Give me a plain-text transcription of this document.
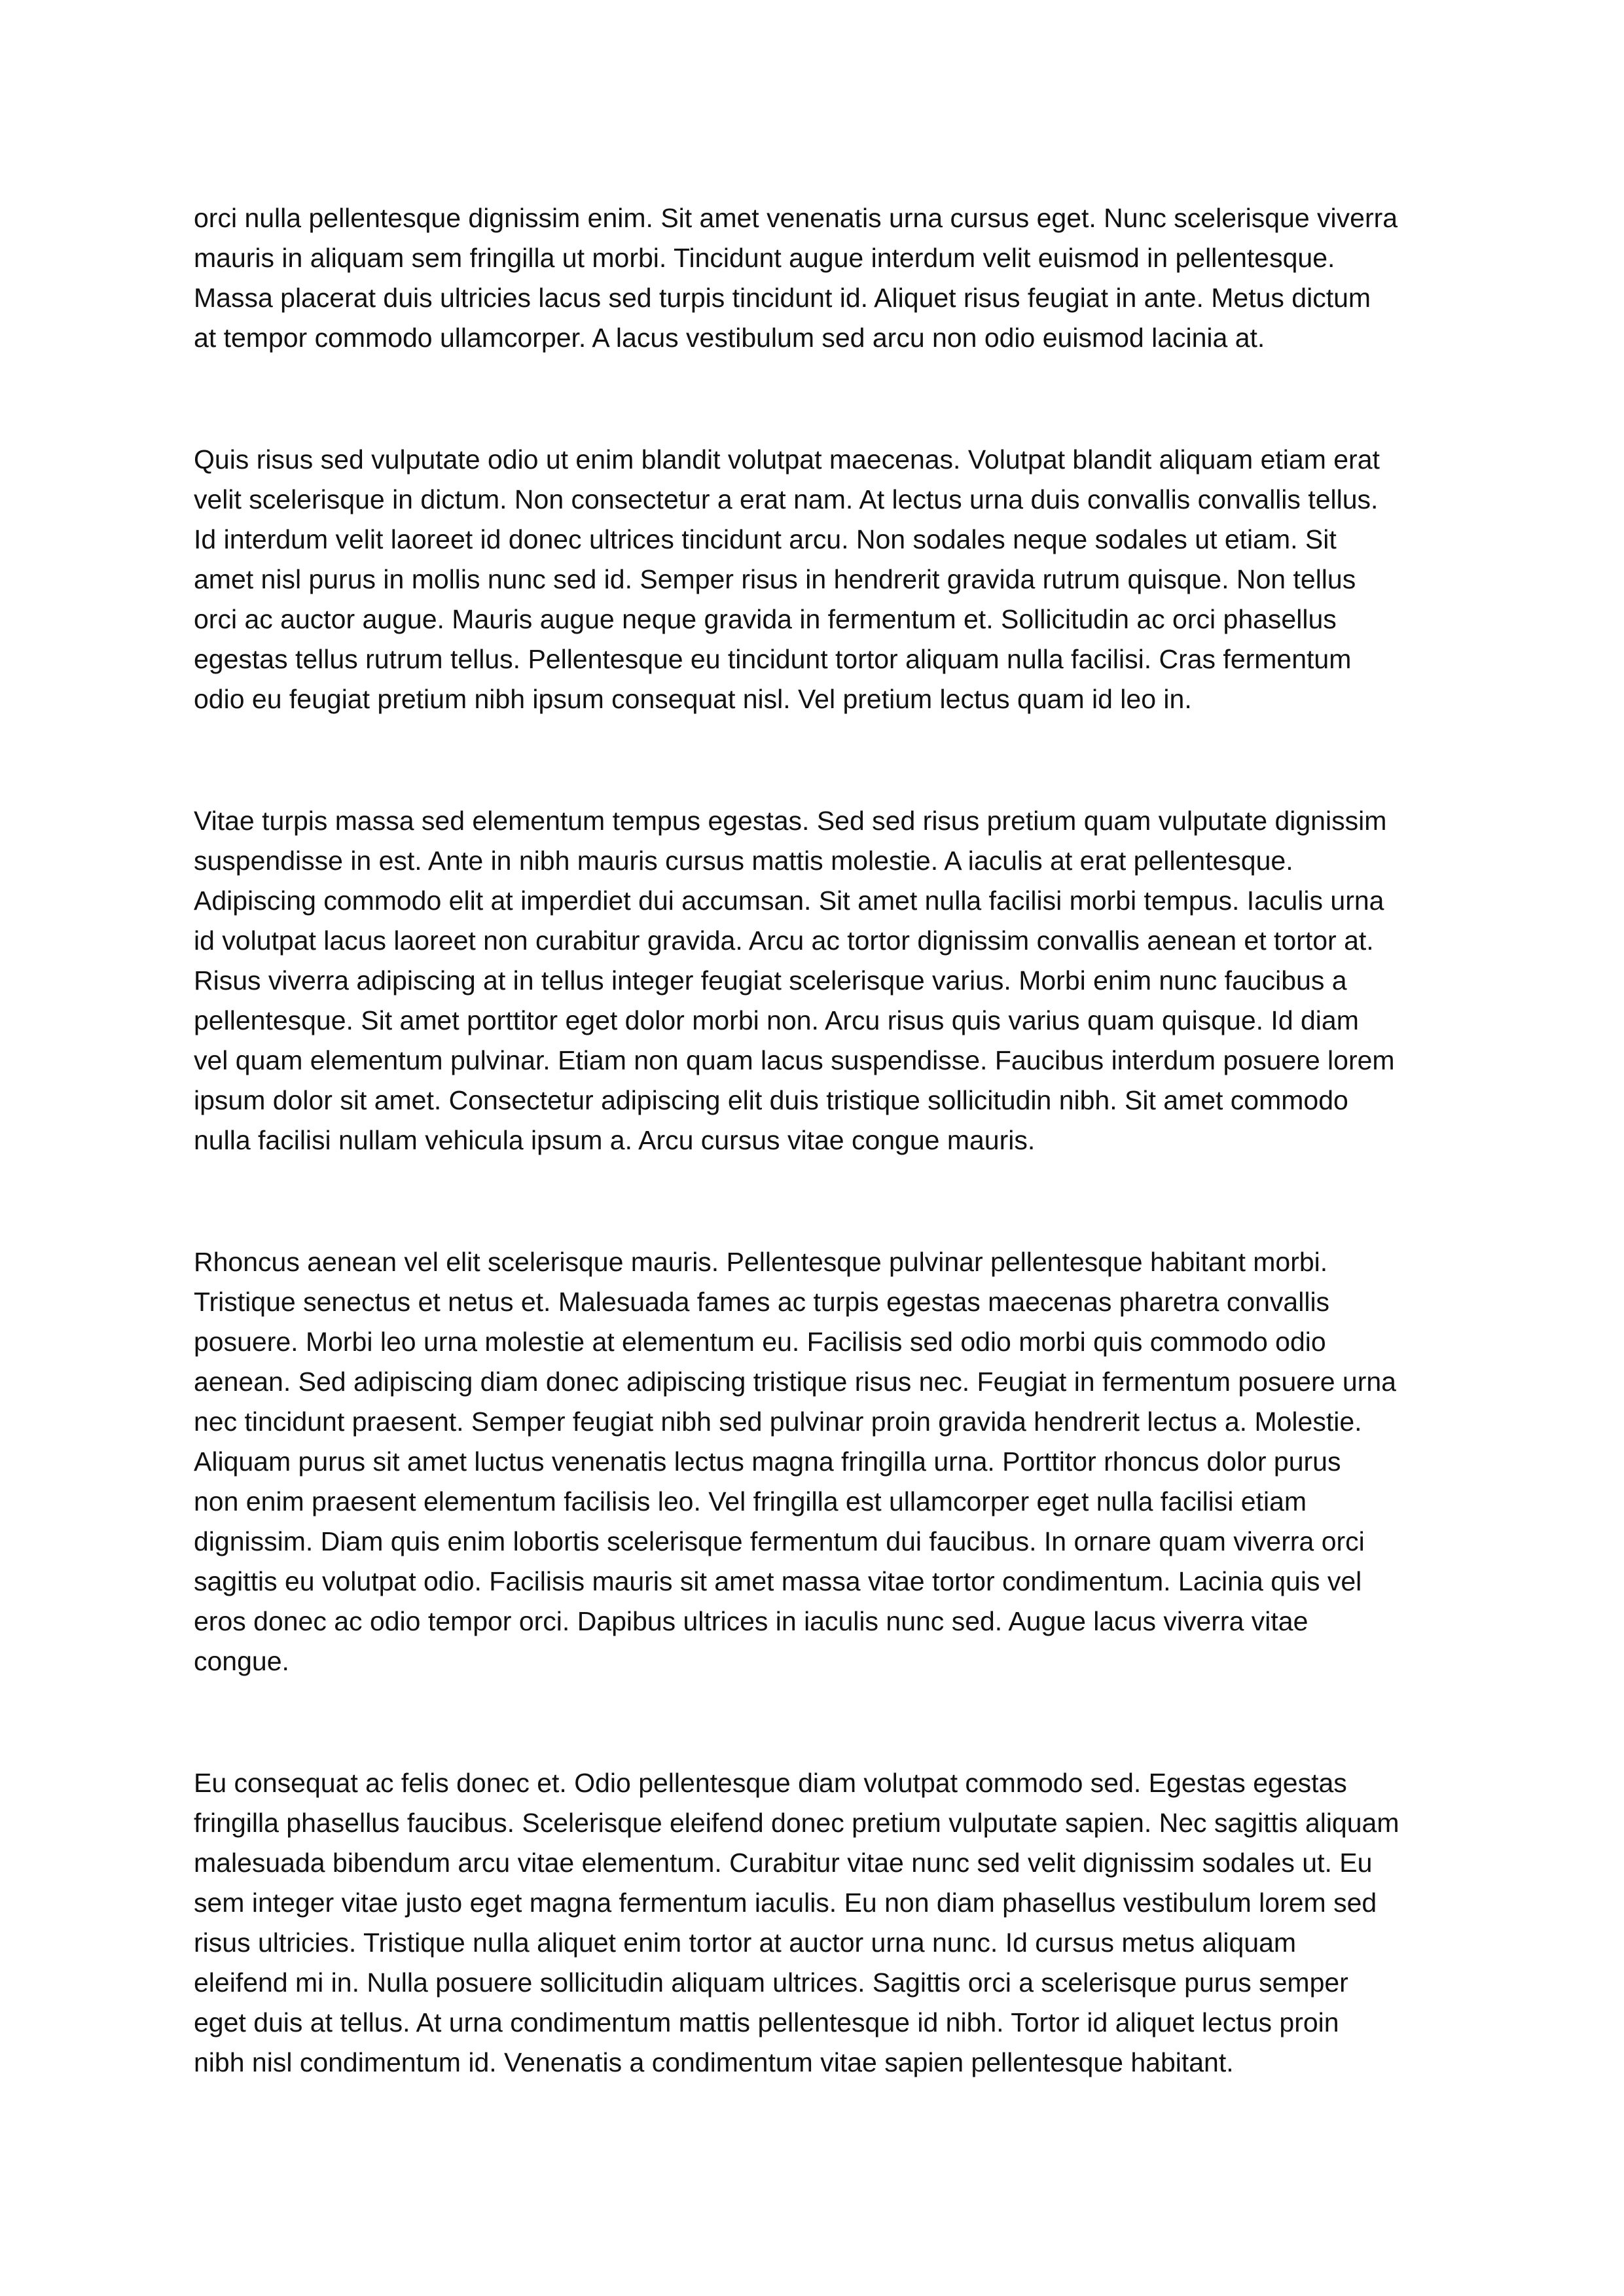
orci nulla pellentesque dignissim enim. Sit amet venenatis urna cursus eget. Nunc scelerisque viverra
mauris in aliquam sem fringilla ut morbi. Tincidunt augue interdum velit euismod in pellentesque.
Massa placerat duis ultricies lacus sed turpis tincidunt id. Aliquet risus feugiat in ante. Metus dictum
at tempor commodo ullamcorper. A lacus vestibulum sed arcu non odio euismod lacinia at.
Quis risus sed vulputate odio ut enim blandit volutpat maecenas. Volutpat blandit aliquam etiam erat
velit scelerisque in dictum. Non consectetur a erat nam. At lectus urna duis convallis convallis tellus.
Id interdum velit laoreet id donec ultrices tincidunt arcu. Non sodales neque sodales ut etiam. Sit
amet nisl purus in mollis nunc sed id. Semper risus in hendrerit gravida rutrum quisque. Non tellus
orci ac auctor augue. Mauris augue neque gravida in fermentum et. Sollicitudin ac orci phasellus
egestas tellus rutrum tellus. Pellentesque eu tincidunt tortor aliquam nulla facilisi. Cras fermentum
odio eu feugiat pretium nibh ipsum consequat nisl. Vel pretium lectus quam id leo in.
Vitae turpis massa sed elementum tempus egestas. Sed sed risus pretium quam vulputate dignissim
suspendisse in est. Ante in nibh mauris cursus mattis molestie. A iaculis at erat pellentesque.
Adipiscing commodo elit at imperdiet dui accumsan. Sit amet nulla facilisi morbi tempus. Iaculis urna
id volutpat lacus laoreet non curabitur gravida. Arcu ac tortor dignissim convallis aenean et tortor at.
Risus viverra adipiscing at in tellus integer feugiat scelerisque varius. Morbi enim nunc faucibus a
pellentesque. Sit amet porttitor eget dolor morbi non. Arcu risus quis varius quam quisque. Id diam
vel quam elementum pulvinar. Etiam non quam lacus suspendisse. Faucibus interdum posuere lorem
ipsum dolor sit amet. Consectetur adipiscing elit duis tristique sollicitudin nibh. Sit amet commodo
nulla facilisi nullam vehicula ipsum a. Arcu cursus vitae congue mauris.
Rhoncus aenean vel elit scelerisque mauris. Pellentesque pulvinar pellentesque habitant morbi.
Tristique senectus et netus et. Malesuada fames ac turpis egestas maecenas pharetra convallis
posuere. Morbi leo urna molestie at elementum eu. Facilisis sed odio morbi quis commodo odio
aenean. Sed adipiscing diam donec adipiscing tristique risus nec. Feugiat in fermentum posuere urna
nec tincidunt praesent. Semper feugiat nibh sed pulvinar proin gravida hendrerit lectus a. Molestie.
Aliquam purus sit amet luctus venenatis lectus magna fringilla urna. Porttitor rhoncus dolor purus
non enim praesent elementum facilisis leo. Vel fringilla est ullamcorper eget nulla facilisi etiam
dignissim. Diam quis enim lobortis scelerisque fermentum dui faucibus. In ornare quam viverra orci
sagittis eu volutpat odio. Facilisis mauris sit amet massa vitae tortor condimentum. Lacinia quis vel
eros donec ac odio tempor orci. Dapibus ultrices in iaculis nunc sed. Augue lacus viverra vitae
congue.
Eu consequat ac felis donec et. Odio pellentesque diam volutpat commodo sed. Egestas egestas
fringilla phasellus faucibus. Scelerisque eleifend donec pretium vulputate sapien. Nec sagittis aliquam
malesuada bibendum arcu vitae elementum. Curabitur vitae nunc sed velit dignissim sodales ut. Eu
sem integer vitae justo eget magna fermentum iaculis. Eu non diam phasellus vestibulum lorem sed
risus ultricies. Tristique nulla aliquet enim tortor at auctor urna nunc. Id cursus metus aliquam
eleifend mi in. Nulla posuere sollicitudin aliquam ultrices. Sagittis orci a scelerisque purus semper
eget duis at tellus. At urna condimentum mattis pellentesque id nibh. Tortor id aliquet lectus proin
nibh nisl condimentum id. Venenatis a condimentum vitae sapien pellentesque habitant.
